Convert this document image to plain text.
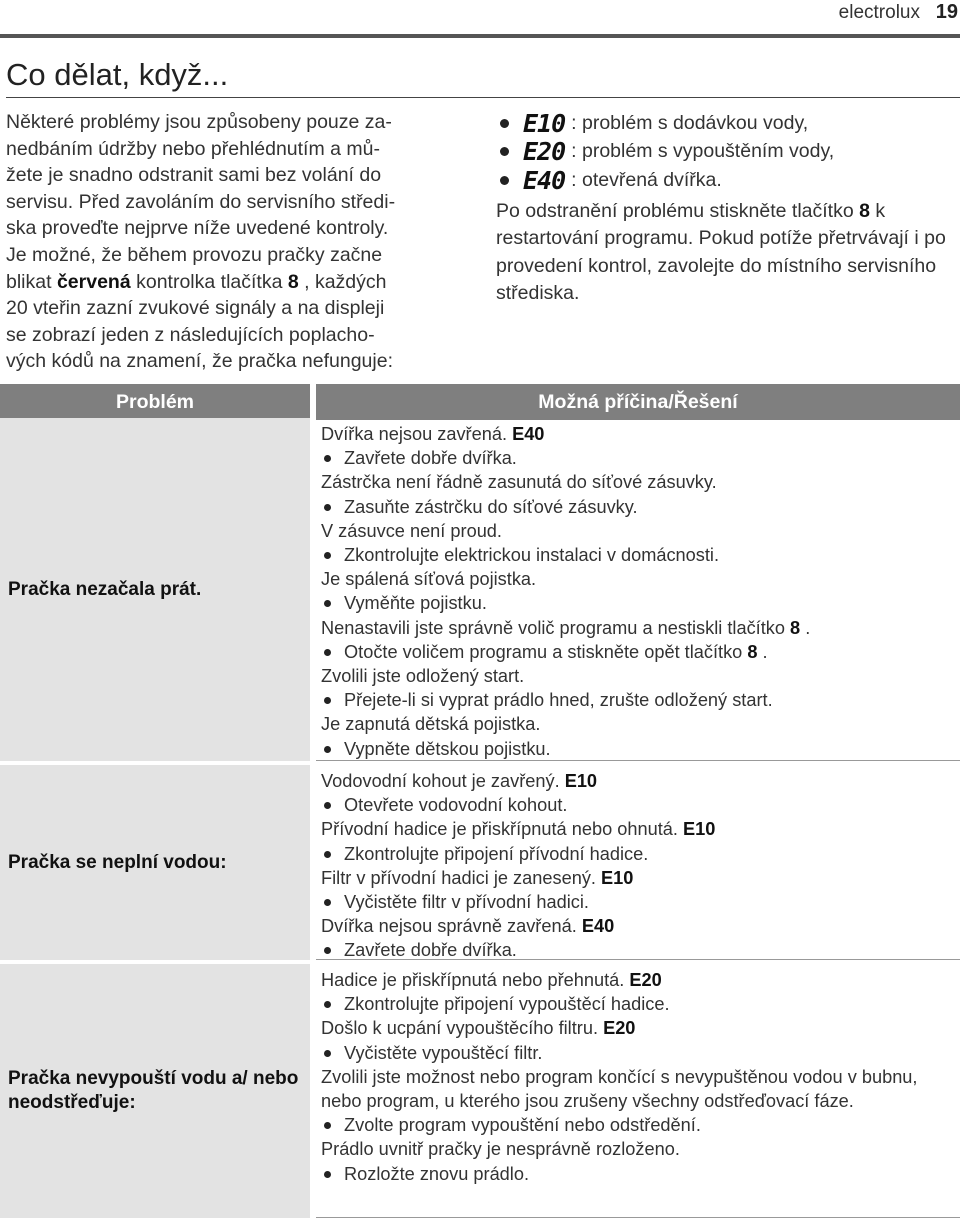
electrolux 19
Co dělat, když...

Některé problémy jsou způsobeny pouze za-
nedbáním údržby nebo přehlédnutím a mů-
žete je snadno odstranit sami bez volání do
servisu. Před zavoláním do servisního středi-
ska proveďte nejprve níže uvedené kontroly.
Je možné, že během provozu pračky začne
blikat červená kontrolka tlačítka 8 , každých
20 vteřin zazní zvukové signály a na displeji
se zobrazí jeden z následujících poplacho-
vých kódů na znamení, že pračka nefunguje:

E10 : problém s dodávkou vody,
E20 : problém s vypouštěním vody,
E40 : otevřená dvířka.

Po odstranění problému stiskněte tlačítko 8 k restartování programu. Pokud potíže přetrvávají i po provedení kontrol, zavolejte do místního servisního střediska.

Problém	Možná příčina/Řešení
Pračka nezačala prát.
Dvířka nejsou zavřená. E40
Zavřete dobře dvířka.
Zástrčka není řádně zasunutá do síťové zásuvky.
Zasuňte zástrčku do síťové zásuvky.
V zásuvce není proud.
Zkontrolujte elektrickou instalaci v domácnosti.
Je spálená síťová pojistka.
Vyměňte pojistku.
Nenastavili jste správně volič programu a nestiskli tlačítko 8 .
Otočte voličem programu a stiskněte opět tlačítko 8 .
Zvolili jste odložený start.
Přejete-li si vyprat prádlo hned, zrušte odložený start.
Je zapnutá dětská pojistka.
Vypněte dětskou pojistku.
Pračka se neplní vodou:
Vodovodní kohout je zavřený. E10
Otevřete vodovodní kohout.
Přívodní hadice je přiskřípnutá nebo ohnutá. E10
Zkontrolujte připojení přívodní hadice.
Filtr v přívodní hadici je zanesený. E10
Vyčistěte filtr v přívodní hadici.
Dvířka nejsou správně zavřená. E40
Zavřete dobře dvířka.
Pračka nevypouští vodu a/ nebo neodstřeďuje:
Hadice je přiskřípnutá nebo přehnutá. E20
Zkontrolujte připojení vypouštěcí hadice.
Došlo k ucpání vypouštěcího filtru. E20
Vyčistěte vypouštěcí filtr.
Zvolili jste možnost nebo program končící s nevypuštěnou vodou v bubnu, nebo program, u kterého jsou zrušeny všechny odstřeďovací fáze.
Zvolte program vypouštění nebo odstředění.
Prádlo uvnitř pračky je nesprávně rozloženo.
Rozložte znovu prádlo.
